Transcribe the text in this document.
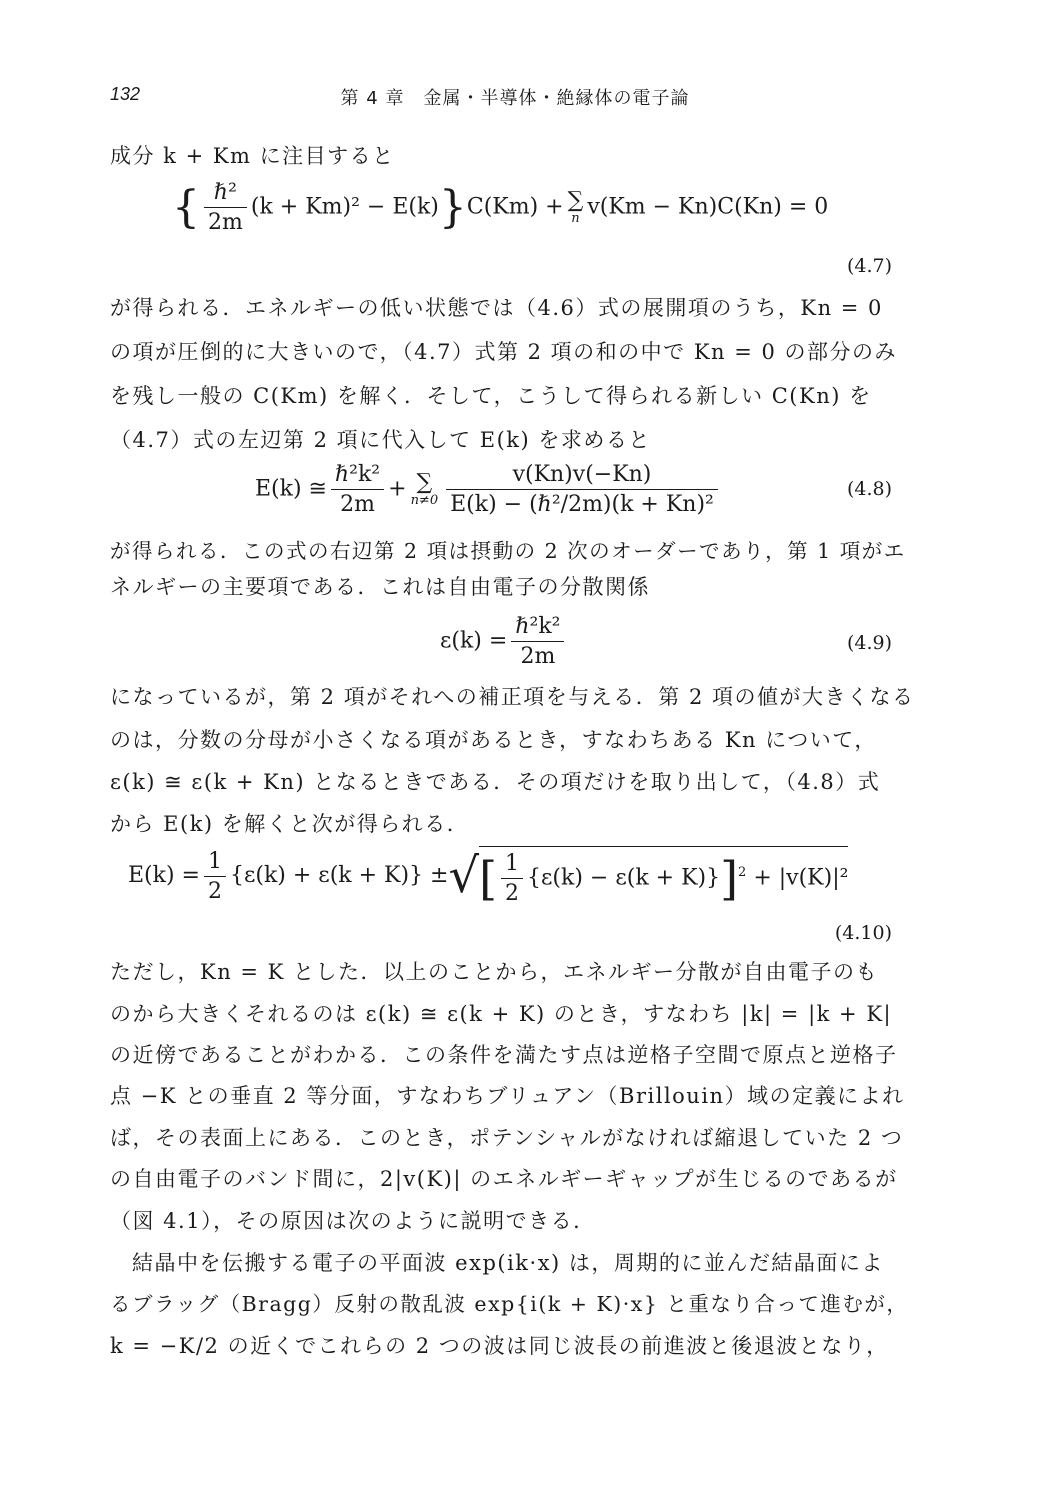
132	第 4 章　金属・半導体・絶縁体の電子論
成分 k + Km に注目すると
{ $\frac{\text{ℏ²}}{2m} (k + Km)^2 - E(k)\}C(Km)$ + ∑
n v(Km − Kn)C(Kn) = 0
(4.7)
が得られる．エネルギーの低い状態では（4.6）式の展開項のうち，Kn = 0
の項が圧倒的に大きいので，（4.7）式第 2 項の和の中で Kn = 0 の部分のみ
を残し一般の C(Km) を解く．そして，こうして得られる新しい C(Kn) を
（4.7）式の左辺第 2 項に代入して E(k) を求めると
E(k) ≅ $\frac{\text{ℏ²k²}}{2m}$ + ∑
$n\ne 0 \frac{v(Kn)v(-Kn)}{\text{E(k) − (ℏ²/2m)(k + Kn)²}}$	(4.8)
が得られる．この式の右辺第 2 項は摂動の 2 次のオーダーであり，第 1 項がエ
ネルギーの主要項である．これは自由電子の分散関係
$\varepsilon(k) = \frac{\text{ℏ²k²}}{2m}$	(4.9)
になっているが，第 2 項がそれへの補正項を与える．第 2 項の値が大きくなる
のは，分数の分母が小さくなる項があるとき，すなわちある Kn について，
ε(k) ≅ ε(k + Kn) となるときである．その項だけを取り出して，（4.8）式
から E(k) を解くと次が得られる．
$E(k) = \frac{1}{2} \{\varepsilon(k) + \varepsilon(k + K)\}$ ±√[ $\frac{1}{2} \{\varepsilon(k) - \varepsilon(k + K)\}]^2 + |v(K)|^2$
(4.10)
ただし，Kn = K とした．以上のことから，エネルギー分散が自由電子のも
のから大きくそれるのは ε(k) ≅ ε(k + K) のとき，すなわち |k| = |k + K|
の近傍であることがわかる．この条件を満たす点は逆格子空間で原点と逆格子
点 −K との垂直 2 等分面，すなわちブリュアン（Brillouin）域の定義によれ
ば，その表面上にある．このとき，ポテンシャルがなければ縮退していた 2 つ
の自由電子のバンド間に，2|v(K)| のエネルギーギャップが生じるのであるが
（図 4.1），その原因は次のように説明できる．
結晶中を伝搬する電子の平面波 exp(ik·x) は，周期的に並んだ結晶面によ
るブラッグ（Bragg）反射の散乱波 exp{i(k + K)·x} と重なり合って進むが，
k = −K/2 の近くでこれらの 2 つの波は同じ波長の前進波と後退波となり，
